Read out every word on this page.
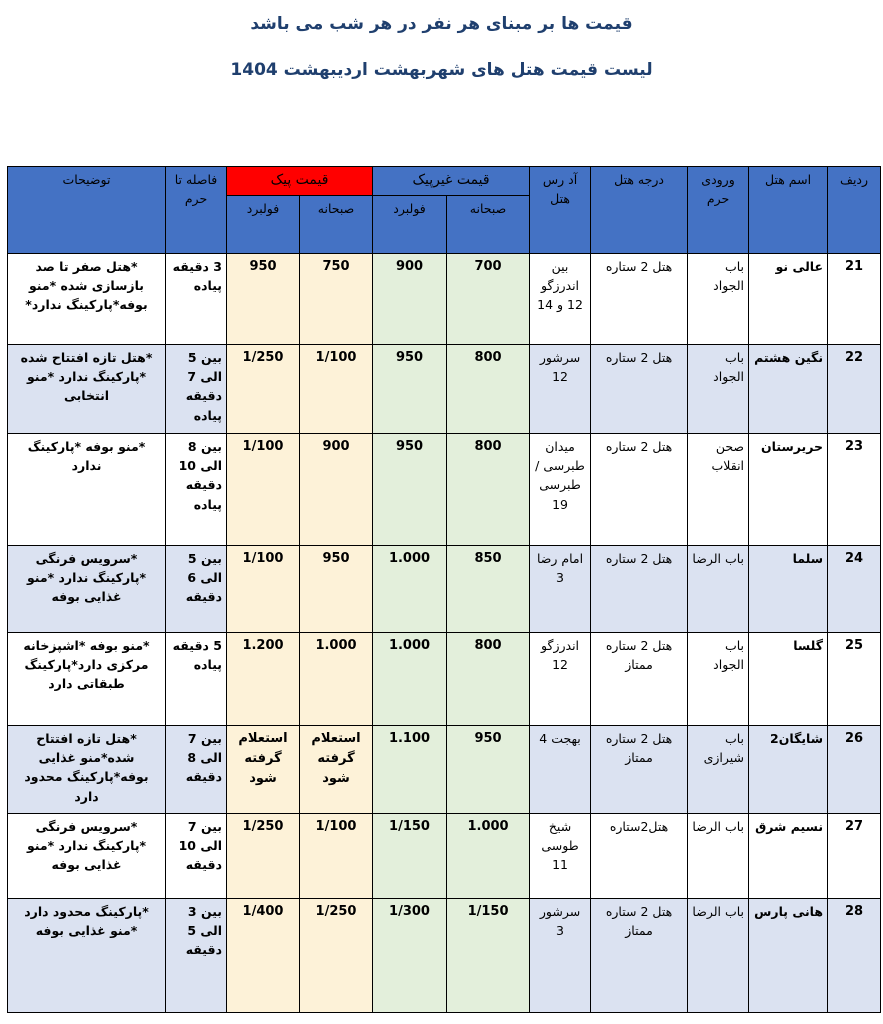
قیمت ها بر مبنای هر نفر در هر شب می باشد
لیست قیمت هتل های شهربهشت اردیبهشت 1404
ردیف	اسم هتل	ورودی حرم	درجه هتل	آد رس هتل	قیمت غیرپیک		قیمت پیک		فاصله تا حرم	توضیحات

					صبحانه	فولبرد	صبحانه	فولبرد		

21	عالی نو	باب الجواد	هتل 2 ستاره	بین اندرزگو 12 و 14	700	900	750	950	3 دقیقه پیاده	*هتل صفر تا صد بازسازی شده *منو بوفه*پارکینگ ندارد*
22	نگین هشتم	باب الجواد	هتل 2 ستاره	سرشور 12	800	950	1/100	1/250	بین 5 الی 7 دقیقه پیاده	*هتل تازه افتتاح شده *پارکینگ ندارد *منو انتخابی
23	حریرستان	صحن انقلاب	هتل 2 ستاره	میدان طبرسی / طبرسی 19	800	950	900	1/100	بین 8 الی 10 دقیقه پیاده	*منو بوفه *پارکینگ ندارد
24	سلما	باب الرضا	هتل 2 ستاره	امام رضا 3	850	1.000	950	1/100	بین 5 الی 6 دقیقه	*سرویس فرنگی *پارکینگ ندارد *منو غذایی بوفه
25	گلسا	باب الجواد	هتل 2 ستاره ممتاز	اندرزگو 12	800	1.000	1.000	1.200	5 دقیقه پیاده	*منو بوفه *اشپزخانه مرکزی دارد*پارکینگ طبقاتی دارد
26	شایگان2	باب شیرازی	هتل 2 ستاره ممتاز	بهجت 4	950	1.100	استعلام گرفته شود	استعلام گرفته شود	بین 7 الی 8 دقیقه	*هتل تازه افتتاح شده*منو غذایی بوفه*پارکینگ محدود دارد
27	نسیم شرق	باب الرضا	هتل2ستاره	شیخ طوسی 11	1.000	1/150	1/100	1/250	بین 7 الی 10 دقیقه	*سرویس فرنگی *پارکینگ ندارد *منو غذایی بوفه
28	هانی پارس	باب الرضا	هتل 2 ستاره ممتاز	سرشور 3	1/150	1/300	1/250	1/400	بین 3 الی 5 دقیقه	*پارکینگ محدود دارد *منو غذایی بوفه
